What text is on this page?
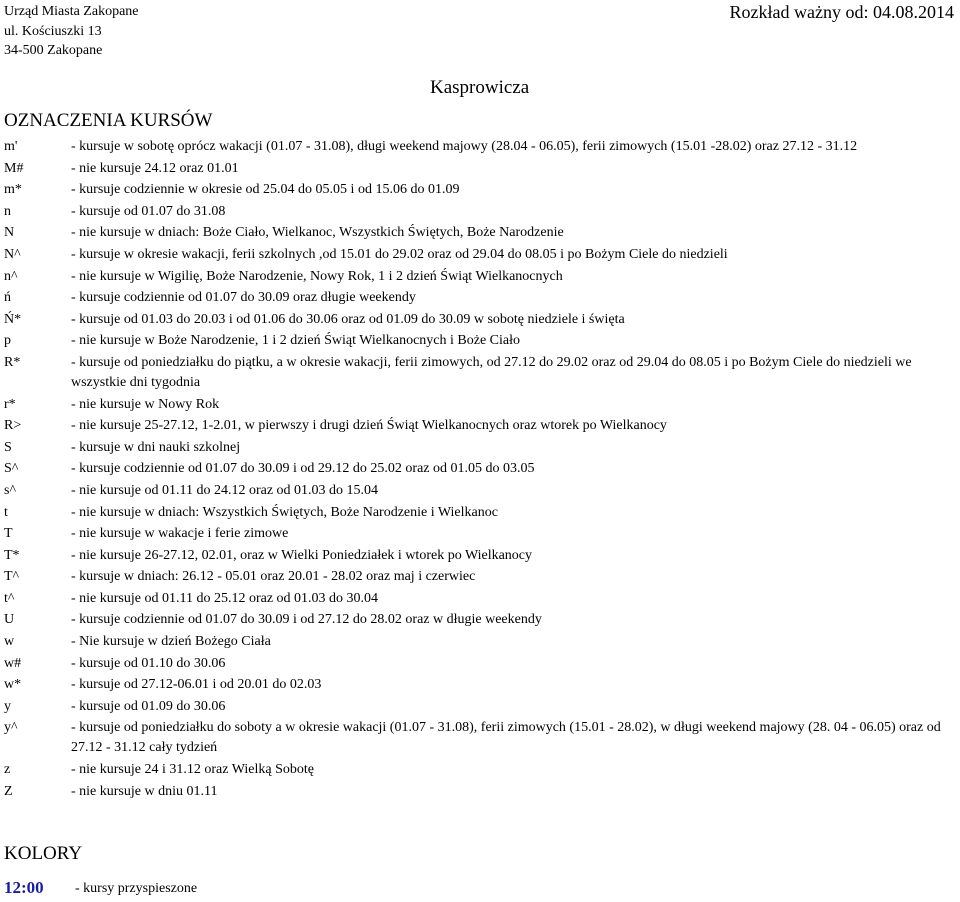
Urząd Miasta Zakopane
ul. Kościuszki 13
34-500 Zakopane
Rozkład ważny od: 04.08.2014
Kasprowicza
OZNACZENIA KURSÓW
m'	- kursuje w sobotę oprócz wakacji (01.07 - 31.08), długi weekend majowy (28.04 - 06.05), ferii zimowych (15.01 -28.02) oraz 27.12 - 31.12
M#	- nie kursuje 24.12 oraz 01.01
m*	- kursuje codziennie w okresie od 25.04 do 05.05 i od 15.06 do 01.09
n	- kursuje od 01.07 do 31.08
N	- nie kursuje w dniach: Boże Ciało, Wielkanoc, Wszystkich Świętych, Boże Narodzenie
N^	- kursuje w okresie wakacji, ferii szkolnych ,od 15.01 do 29.02 oraz od 29.04 do 08.05 i po Bożym Ciele do niedzieli
n^	- nie kursuje w Wigilię, Boże Narodzenie, Nowy Rok, 1 i 2 dzień Świąt Wielkanocnych
ń	- kursuje codziennie od 01.07 do 30.09 oraz długie weekendy
Ń*	- kursuje od 01.03 do 20.03 i od 01.06 do 30.06 oraz od 01.09 do 30.09 w sobotę niedziele i święta
p	- nie kursuje w Boże Narodzenie, 1 i 2 dzień Świąt Wielkanocnych i Boże Ciało
R*	- kursuje od poniedziałku do piątku, a w okresie wakacji, ferii zimowych, od 27.12 do 29.02 oraz od 29.04 do 08.05 i po Bożym Ciele do niedzieli we wszystkie dni tygodnia
r*	- nie kursuje w Nowy Rok
R>	- nie kursuje 25-27.12, 1-2.01, w pierwszy i drugi dzień Świąt Wielkanocnych oraz wtorek po Wielkanocy
S	- kursuje w dni nauki szkolnej
S^	- kursuje codziennie od 01.07 do 30.09 i od 29.12 do 25.02 oraz od 01.05 do 03.05
s^	- nie kursuje od 01.11 do 24.12 oraz od 01.03 do 15.04
t	- nie kursuje w dniach: Wszystkich Świętych, Boże Narodzenie i Wielkanoc
T	- nie kursuje w wakacje i ferie zimowe
T*	- nie kursuje 26-27.12, 02.01, oraz w Wielki Poniedziałek i wtorek po Wielkanocy
T^	- kursuje w dniach: 26.12 - 05.01 oraz 20.01 - 28.02 oraz maj i czerwiec
t^	- nie kursuje od 01.11 do 25.12 oraz od 01.03 do 30.04
U	- kursuje codziennie od 01.07 do 30.09 i od 27.12 do 28.02 oraz w długie weekendy
w	- Nie kursuje w dzień Bożego Ciała
w#	- kursuje od 01.10 do 30.06
w*	- kursuje od 27.12-06.01 i od 20.01 do 02.03
y	- kursuje od 01.09 do 30.06
y^	- kursuje od poniedziałku do soboty a w okresie wakacji (01.07 - 31.08), ferii zimowych (15.01 - 28.02), w długi weekend majowy (28. 04 - 06.05) oraz od 27.12 - 31.12 cały tydzień
z	- nie kursuje 24 i 31.12 oraz Wielką Sobotę
Z	- nie kursuje w dniu 01.11
KOLORY
12:00 - kursy przyspieszone
